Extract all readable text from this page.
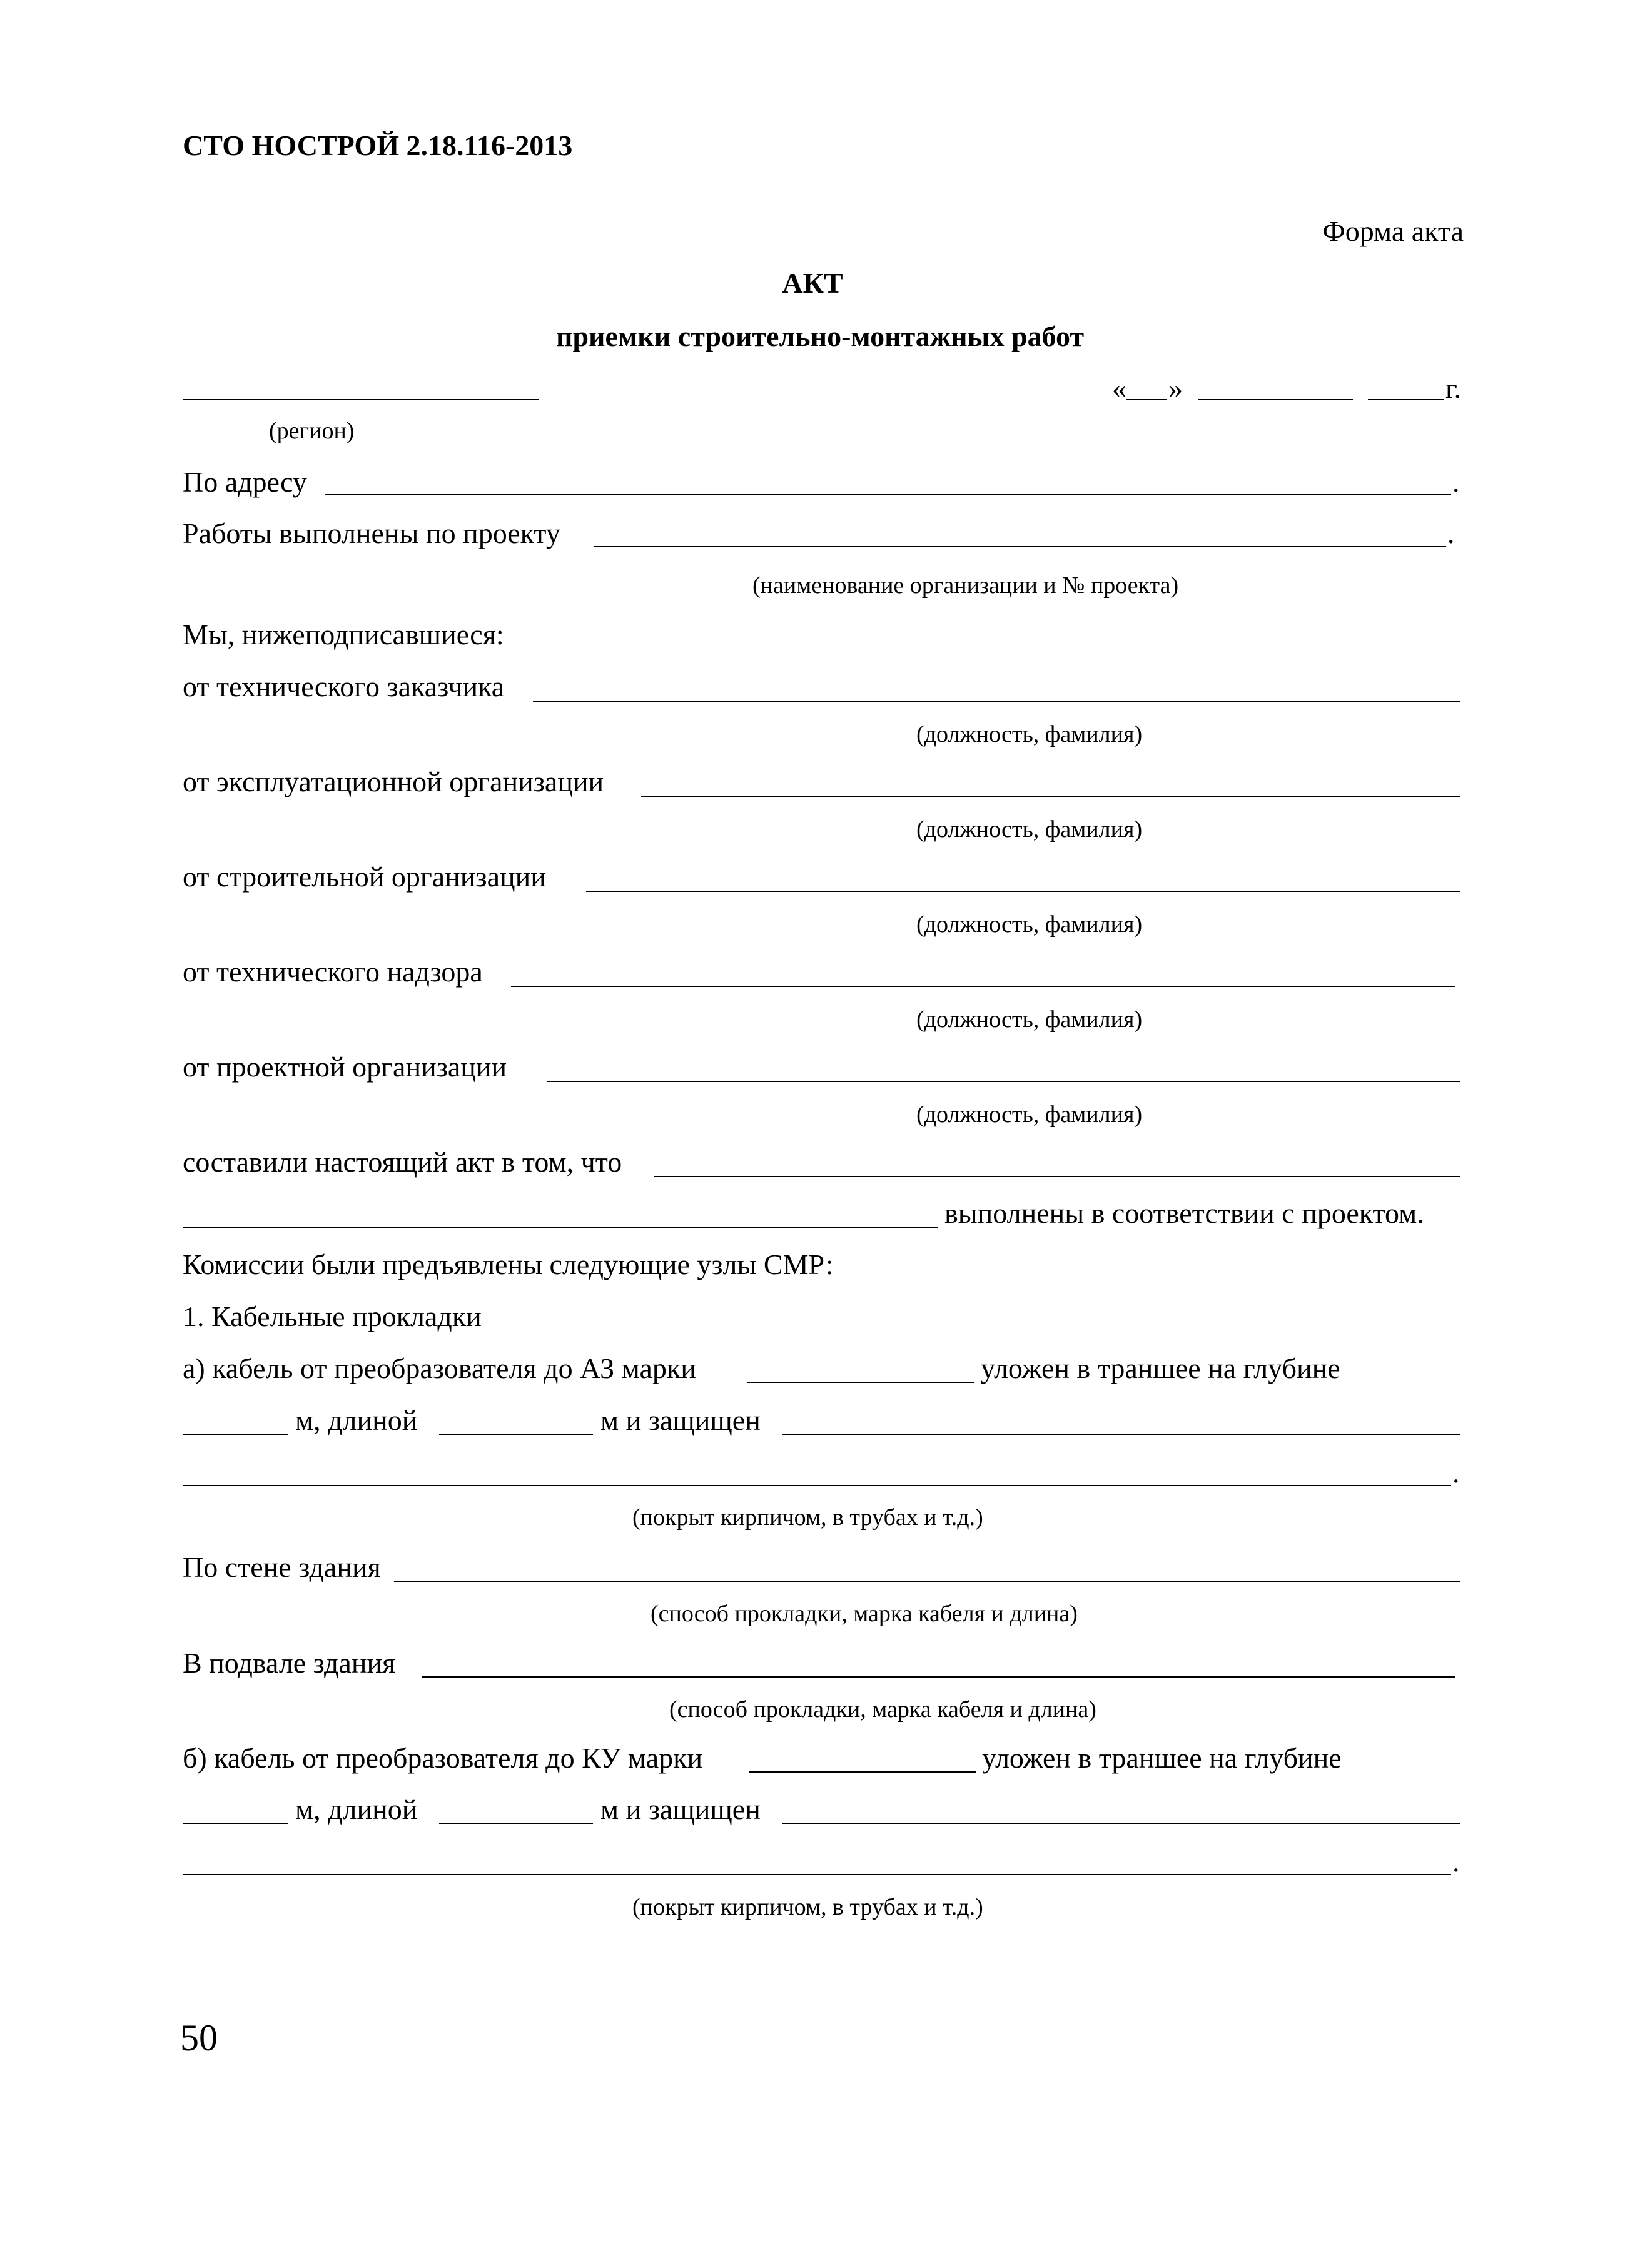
СТО НОСТРОЙ 2.18.116-2013
Форма акта
АКТ
приемки строительно-монтажных работ
(регион)
« »	г.
По адресу	.
Работы выполнены по проекту	.
(наименование организации и № проекта)
Мы, нижеподписавшиеся:
от технического заказчика
(должность, фамилия)
от эксплуатационной организации
(должность, фамилия)
от строительной организации
(должность, фамилия)
от технического надзора
(должность, фамилия)
от проектной организации
(должность, фамилия)
составили настоящий акт в том, что
выполнены в соответствии с проектом.
Комиссии были предъявлены следующие узлы СМР:
1. Кабельные прокладки
а) кабель от преобразователя до АЗ марки	уложен в траншее на глубине
м, длиной	м и защищен
.
(покрыт кирпичом, в трубах и т.д.)
По стене здания
(способ прокладки, марка кабеля и длина)
В подвале здания
(способ прокладки, марка кабеля и длина)
б) кабель от преобразователя до КУ марки	уложен в траншее на глубине
м, длиной	м и защищен
.
(покрыт кирпичом, в трубах и т.д.)
50
